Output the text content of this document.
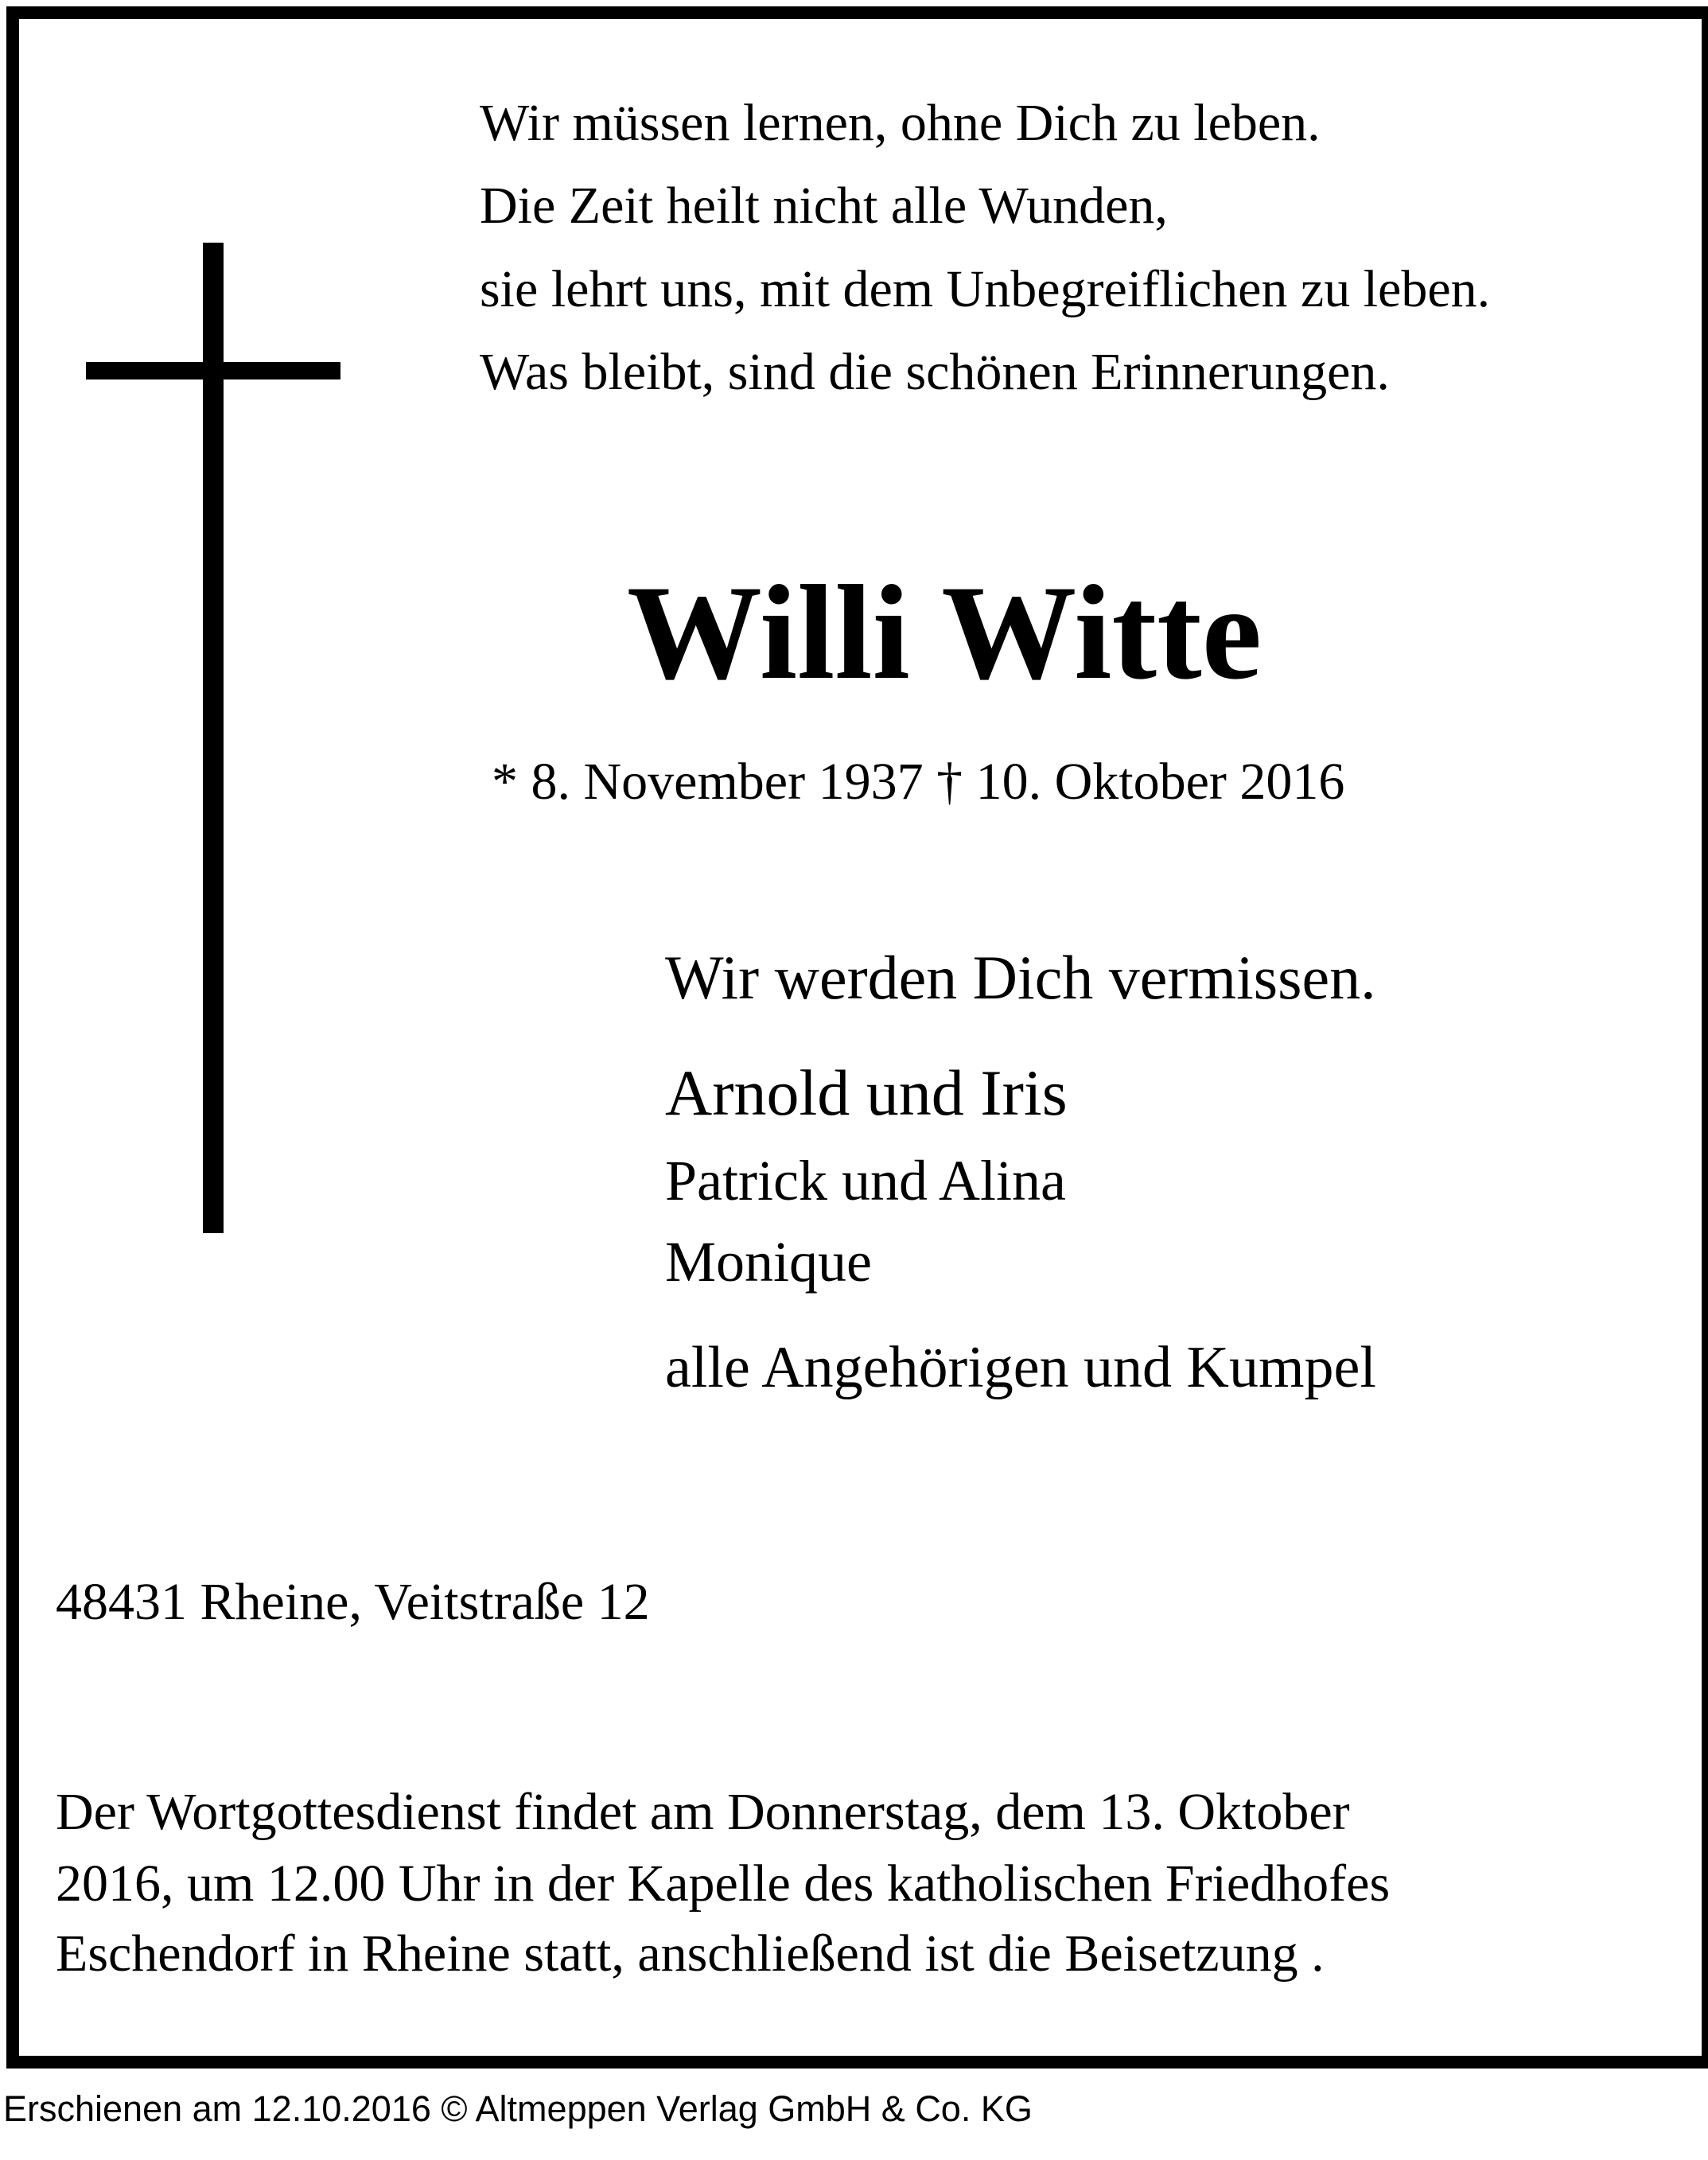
Wir müssen lernen, ohne Dich zu leben.
Die Zeit heilt nicht alle Wunden,
sie lehrt uns, mit dem Unbegreiflichen zu leben.
Was bleibt, sind die schönen Erinnerungen.
Willi Witte
* 8. November 1937 † 10. Oktober 2016
Wir werden Dich vermissen.
Arnold und Iris
Patrick und Alina
Monique
alle Angehörigen und Kumpel
48431 Rheine, Veitstraße 12
Der Wortgottesdienst findet am Donnerstag, dem 13. Oktober
2016, um 12.00 Uhr in der Kapelle des katholischen Friedhofes
Eschendorf in Rheine statt, anschließend ist die Beisetzung .
Erschienen am 12.10.2016 © Altmeppen Verlag GmbH & Co. KG
